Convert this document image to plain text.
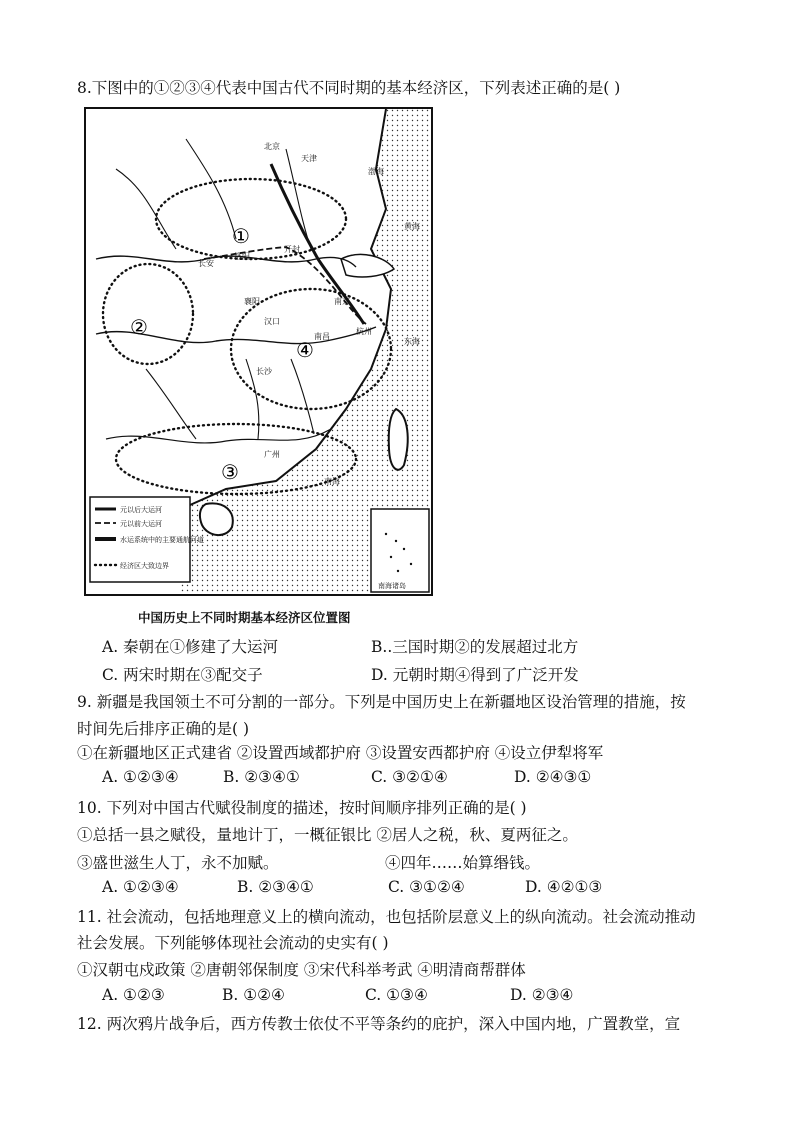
8.下图中的①②③④代表中国古代不同时期的基本经济区，下列表述正确的是( )
①
②
③
④
北京
天津
长安
洛阳
开封
襄阳
汉口
南昌
杭州
广州
南海
东海
黄海
渤海
长沙
南京
元以后大运河
元以前大运河
水运系统中的主要通航河道
经济区大致边界
南海诸岛
中国历史上不同时期基本经济区位置图
A. 秦朝在①修建了大运河	B..三国时期②的发展超过北方
C. 两宋时期在③配交子	D. 元朝时期④得到了广泛开发
9. 新疆是我国领土不可分割的一部分。下列是中国历史上在新疆地区设治管理的措施，按
时间先后排序正确的是( )
①在新疆地区正式建省 ②设置西域都护府 ③设置安西都护府 ④设立伊犁将军
A. ①②③④	B. ②③④①	C. ③②①④	D. ②④③①
10. 下列对中国古代赋役制度的描述，按时间顺序排列正确的是( )
①总括一县之赋役，量地计丁，一概征银比 ②居人之税，秋、夏两征之。
③盛世滋生人丁，永不加赋。	④四年……始算缗钱。
A. ①②③④	B. ②③④①	C. ③①②④	D. ④②①③
11. 社会流动，包括地理意义上的横向流动，也包括阶层意义上的纵向流动。社会流动推动
社会发展。下列能够体现社会流动的史实有( )
①汉朝屯戍政策 ②唐朝邻保制度 ③宋代科举考武 ④明清商帮群体
A. ①②③	B. ①②④	C. ①③④	D. ②③④
12. 两次鸦片战争后，西方传教士依仗不平等条约的庇护，深入中国内地，广置教堂，宣
